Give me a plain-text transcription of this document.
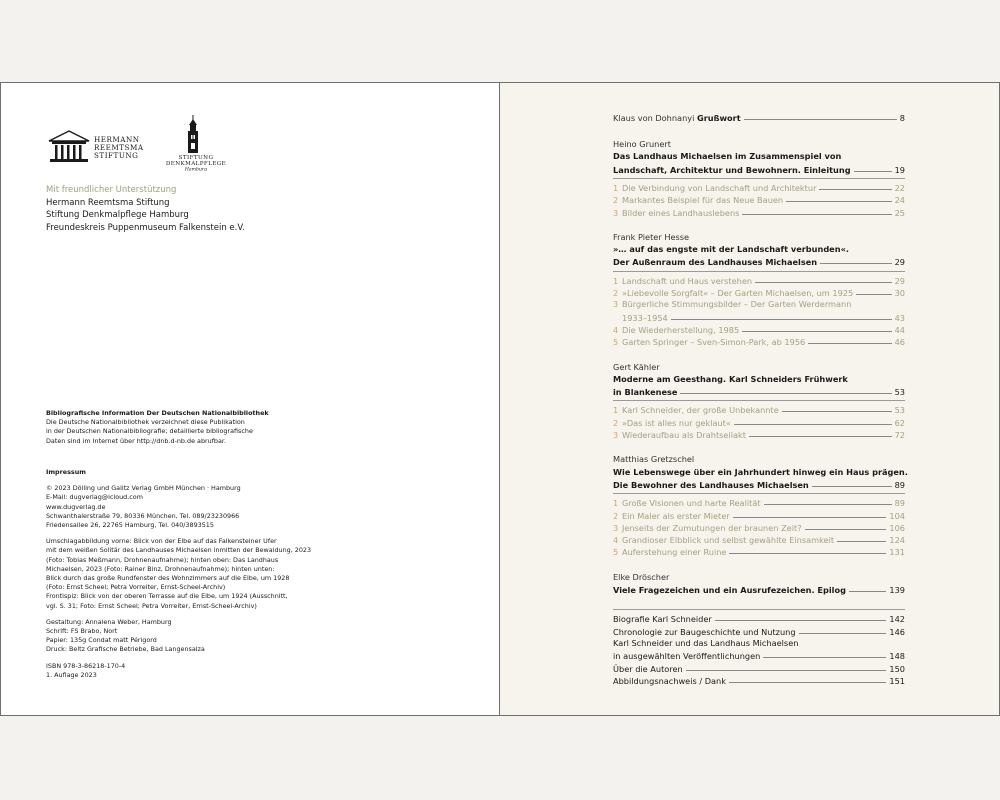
HERMANN
REEMTSMA
STIFTUNG	STIFTUNG
DENKMALPFLEGE
Hamburg
Mit freundlicher Unterstützung
Hermann Reemtsma Stiftung
Stiftung Denkmalpflege Hamburg
Freundeskreis Puppenmuseum Falkenstein e.V.
Bibliografische Information Der Deutschen Nationalbibliothek
Die Deutsche Nationalbibliothek verzeichnet diese Publikation
in der Deutschen Nationalbibliografie; detaillierte bibliografische
Daten sind im Internet über http://dnb.d-nb.de abrufbar.
Impressum
© 2023 Dölling und Galitz Verlag GmbH München · Hamburg
E-Mail: dugverlag@icloud.com
www.dugverlag.de
Schwanthalerstraße 79, 80336 München, Tel. 089/23230966
Friedensallee 26, 22765 Hamburg, Tel. 040/3893515
Umschlagabbildung vorne: Blick von der Elbe auf das Falkensteiner Ufer
mit dem weißen Solitär des Landhauses Michaelsen inmitten der Bewaldung, 2023
(Foto: Tobias Meßmann, Drohnenaufnahme); hinten oben: Das Landhaus
Michaelsen, 2023 (Foto: Rainer Binz, Drohnenaufnahme); hinten unten:
Blick durch das große Rundfenster des Wohnzimmers auf die Elbe, um 1928
(Foto: Ernst Scheel; Petra Vorreiter, Ernst-Scheel-Archiv)
Frontispiz: Blick von der oberen Terrasse auf die Elbe, um 1924 (Ausschnitt,
vgl. S. 31; Foto: Ernst Scheel; Petra Vorreiter, Ernst-Scheel-Archiv)
Gestaltung: Annalena Weber, Hamburg
Schrift: FS Brabo, Nort
Papier: 135g Condat matt Périgord
Druck: Beltz Grafische Betriebe, Bad Langensalza
ISBN 978-3-86218-170-4
1. Auflage 2023
Klaus von Dohnanyi Grußwort	8
Heino Grunert
Das Landhaus Michaelsen im Zusammenspiel von
Landschaft, Architektur und Bewohnern. Einleitung	19
1 Die Verbindung von Landschaft und Architektur	22
2 Markantes Beispiel für das Neue Bauen	24
3 Bilder eines Landhauslebens	25
Frank Pieter Hesse
»… auf das engste mit der Landschaft verbunden«.
Der Außenraum des Landhauses Michaelsen	29
1 Landschaft und Haus verstehen	29
2 »Liebevolle Sorgfalt« – Der Garten Michaelsen, um 1925	30
3 Bürgerliche Stimmungsbilder – Der Garten Werdermann
1933–1954	43
4 Die Wiederherstellung, 1985	44
5 Garten Springer – Sven-Simon-Park, ab 1956	46
Gert Kähler
Moderne am Geesthang. Karl Schneiders Frühwerk
in Blankenese	53
1 Karl Schneider, der große Unbekannte	53
2 »Das ist alles nur geklaut«	62
3 Wiederaufbau als Drahtseilakt	72
Matthias Gretzschel
Wie Lebenswege über ein Jahrhundert hinweg ein Haus prägen.
Die Bewohner des Landhauses Michaelsen	89
1 Große Visionen und harte Realität	89
2 Ein Maler als erster Mieter	104
3 Jenseits der Zumutungen der braunen Zeit?	106
4 Grandioser Elbblick und selbst gewählte Einsamkeit	124
5 Auferstehung einer Ruine	131
Elke Dröscher
Viele Fragezeichen und ein Ausrufezeichen. Epilog	139
Biografie Karl Schneider	142
Chronologie zur Baugeschichte und Nutzung	146
Karl Schneider und das Landhaus Michaelsen
in ausgewählten Veröffentlichungen	148
Über die Autoren	150
Abbildungsnachweis / Dank	151
